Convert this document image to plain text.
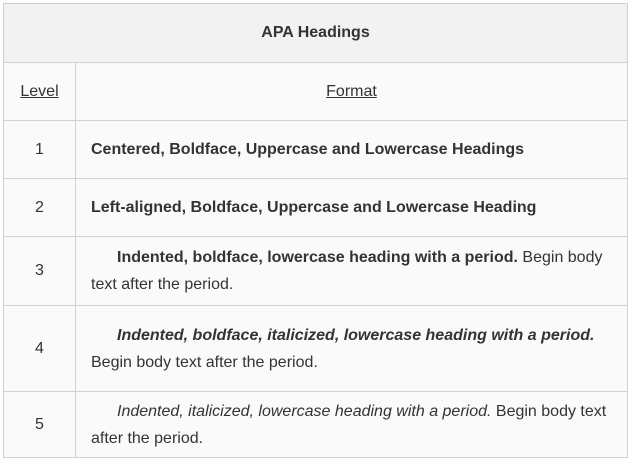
APA Headings	
Level	Format
1	Centered, Boldface, Uppercase and Lowercase Headings
2	Left-aligned, Boldface, Uppercase and Lowercase Heading
3	Indented, boldface, lowercase heading with a period. Begin body text after the period.
4	Indented, boldface, italicized, lowercase heading with a period. Begin body text after the period.
5	Indented, italicized, lowercase heading with a period. Begin body text after the period.
